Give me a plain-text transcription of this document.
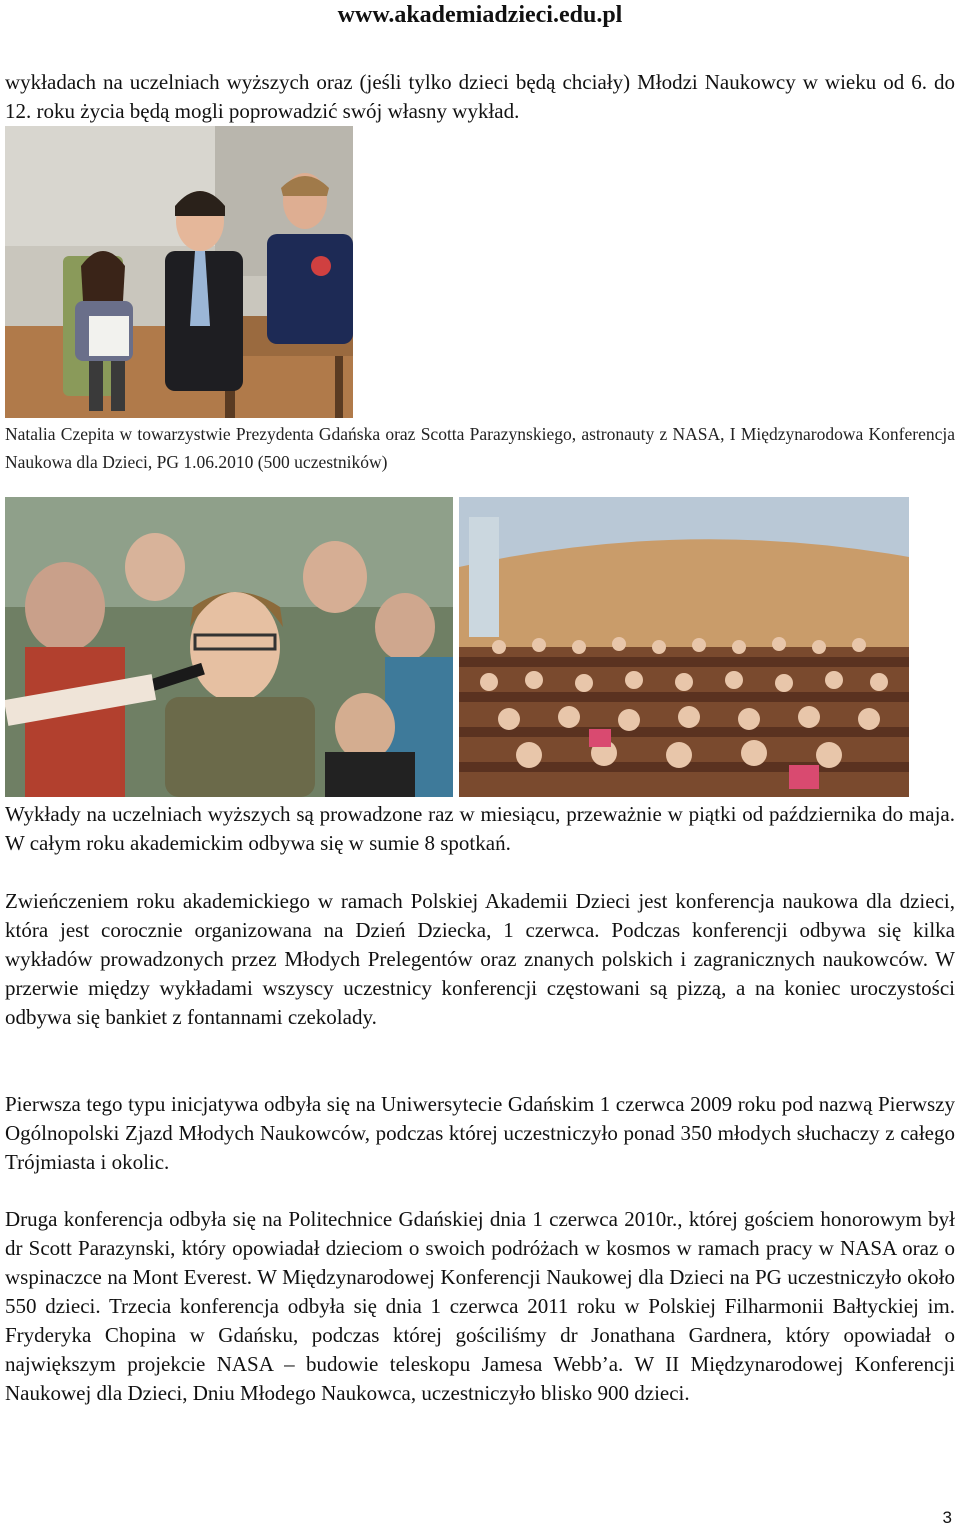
www.akademiadzieci.edu.pl

wykładach na uczelniach wyższych oraz (jeśli tylko dzieci będą chciały) Młodzi Naukowcy w wieku od 6. do 12. roku życia będą mogli poprowadzić swój własny wykład.

Natalia Czepita w towarzystwie Prezydenta Gdańska oraz Scotta Parazynskiego, astronauty z NASA, I Międzynarodowa Konferencja Naukowa dla Dzieci, PG 1.06.2010 (500 uczestników)

Wykłady na uczelniach wyższych są prowadzone raz w miesiącu, przeważnie w piątki od października do maja. W całym roku akademickim odbywa się w sumie 8 spotkań.

Zwieńczeniem roku akademickiego w ramach Polskiej Akademii Dzieci jest konferencja naukowa dla dzieci, która jest corocznie organizowana na Dzień Dziecka, 1 czerwca. Podczas konferencji odbywa się kilka wykładów prowadzonych przez Młodych Prelegentów oraz znanych polskich i zagranicznych naukowców. W przerwie między wykładami wszyscy uczestnicy konferencji częstowani są pizzą, a na koniec uroczystości odbywa się bankiet z fontannami czekolady.

Pierwsza tego typu inicjatywa odbyła się na Uniwersytecie Gdańskim 1 czerwca 2009 roku pod nazwą Pierwszy Ogólnopolski Zjazd Młodych Naukowców, podczas której uczestniczyło ponad 350 młodych słuchaczy z całego Trójmiasta i okolic.

Druga konferencja odbyła się na Politechnice Gdańskiej dnia 1 czerwca 2010r., której gościem honorowym był dr Scott Parazynski, który opowiadał dzieciom o swoich podróżach w kosmos w ramach pracy w NASA oraz o wspinaczce na Mont Everest. W Międzynarodowej Konferencji Naukowej dla Dzieci na PG uczestniczyło około 550 dzieci. Trzecia konferencja odbyła się dnia 1 czerwca 2011 roku w Polskiej Filharmonii Bałtyckiej im. Fryderyka Chopina w Gdańsku, podczas której gościliśmy dr Jonathana Gardnera, który opowiadał o największym projekcie NASA – budowie teleskopu Jamesa Webb’a. W II Międzynarodowej Konferencji Naukowej dla Dzieci, Dniu Młodego Naukowca, uczestniczyło blisko 900 dzieci.

3
